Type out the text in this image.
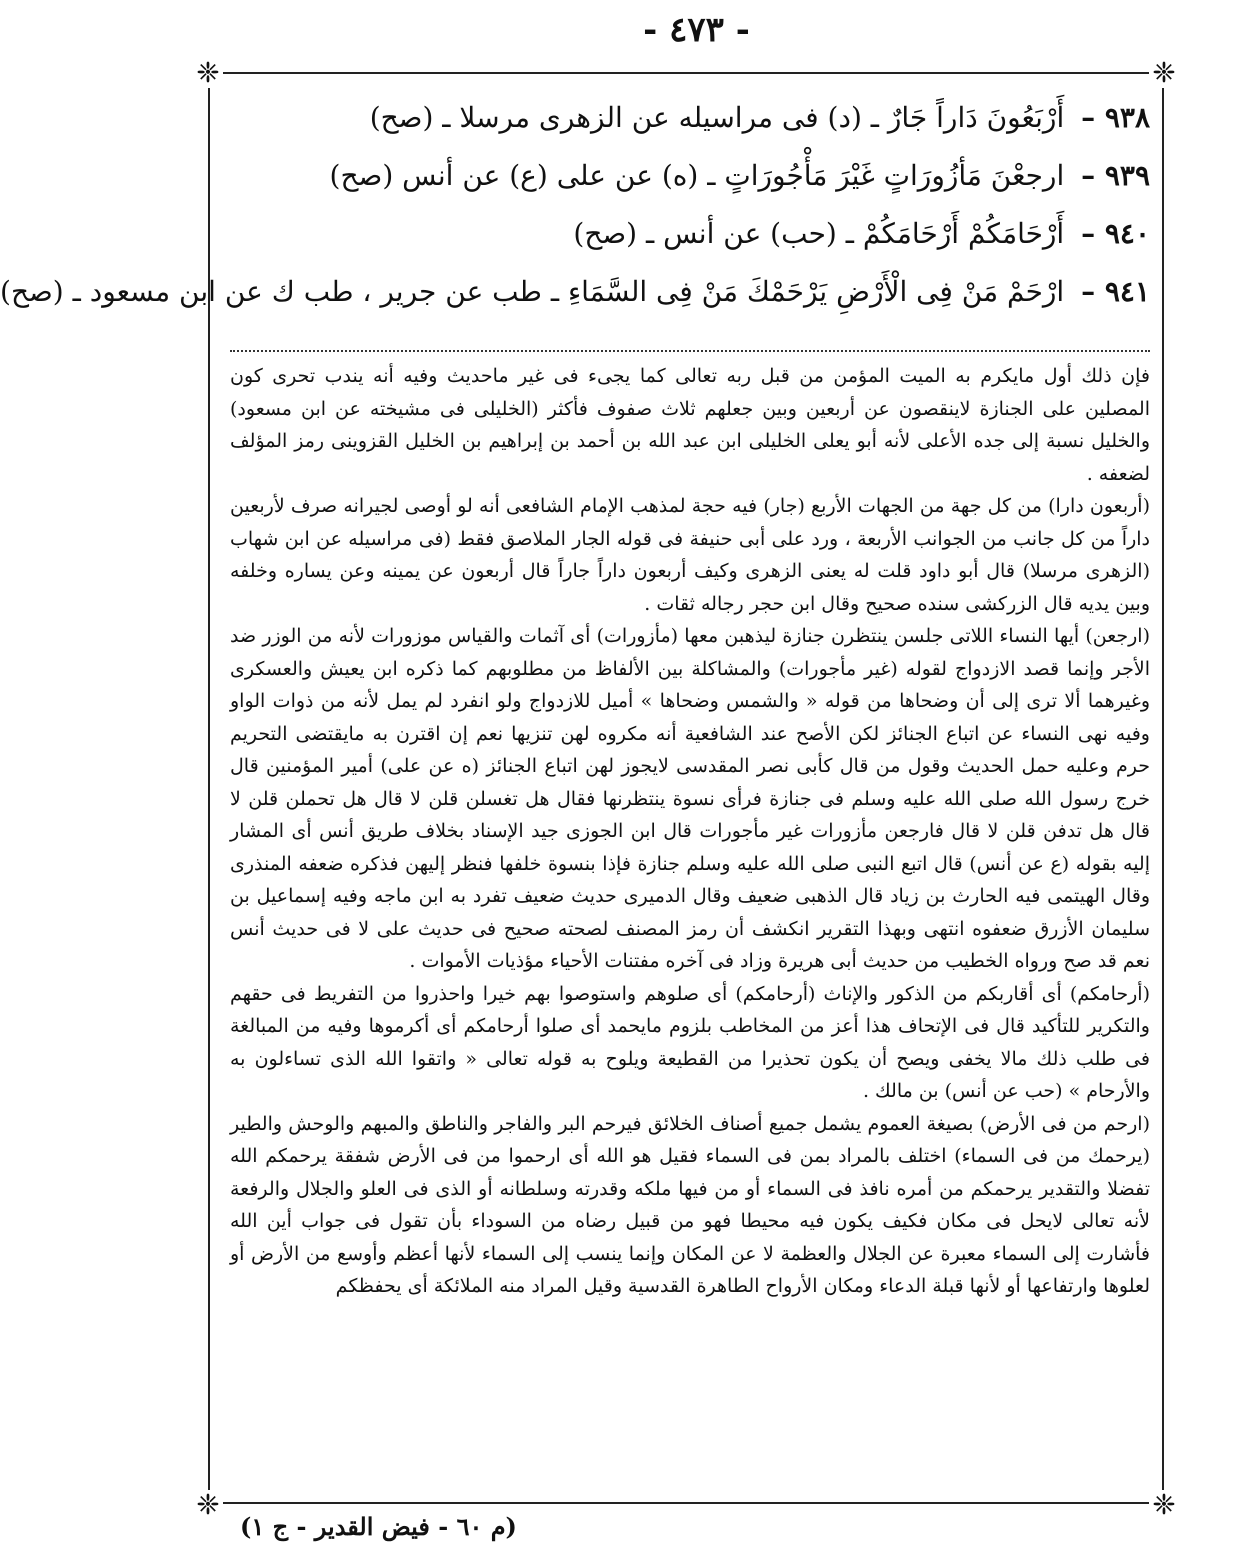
- ٤٧٣ -
❈	❈
❈	❈
٩٣٨ – أَرْبَعُونَ دَاراً جَارٌ ـ (د) فى مراسيله عن الزهرى مرسلا ـ (صح)
٩٣٩ – ارجعْنَ مَأزُورَاتٍ غَيْرَ مَأْجُورَاتٍ ـ (ه) عن على (ع) عن أنس (صح)
٩٤٠ – أَرْحَامَكُمْ أَرْحَامَكُمْ ـ (حب) عن أنس ـ (صح)
٩٤١ – ارْحَمْ مَنْ فِى الْأَرْضِ يَرْحَمْكَ مَنْ فِى السَّمَاءِ ـ طب عن جرير ، طب ك عن ابن مسعود ـ (صح)

فإن ذلك أول مايكرم به الميت المؤمن من قبل ربه تعالى كما يجىء فى غير ماحديث وفيه أنه يندب تحرى كون المصلين على الجنازة لاينقصون عن أربعين وبين جعلهم ثلاث صفوف فأكثر (الخليلى فى مشيخته عن ابن مسعود) والخليل نسبة إلى جده الأعلى لأنه أبو يعلى الخليلى ابن عبد الله بن أحمد بن إبراهيم بن الخليل القزوينى رمز المؤلف لضعفه .

(أربعون دارا) من كل جهة من الجهات الأربع (جار) فيه حجة لمذهب الإمام الشافعى أنه لو أوصى لجيرانه صرف لأربعين داراً من كل جانب من الجوانب الأربعة ، ورد على أبى حنيفة فى قوله الجار الملاصق فقط (فى مراسيله عن ابن شهاب (الزهرى مرسلا) قال أبو داود قلت له يعنى الزهرى وكيف أربعون داراً جاراً قال أربعون عن يمينه وعن يساره وخلفه وبين يديه قال الزركشى سنده صحيح وقال ابن حجر رجاله ثقات .

(ارجعن) أيها النساء اللاتى جلسن ينتظرن جنازة ليذهبن معها (مأزورات) أى آثمات والقياس موزورات لأنه من الوزر ضد الأجر وإنما قصد الازدواج لقوله (غير مأجورات) والمشاكلة بين الألفاظ من مطلوبهم كما ذكره ابن يعيش والعسكرى وغيرهما ألا ترى إلى أن وضحاها من قوله « والشمس وضحاها » أميل للازدواج ولو انفرد لم يمل لأنه من ذوات الواو وفيه نهى النساء عن اتباع الجنائز لكن الأصح عند الشافعية أنه مكروه لهن تنزيها نعم إن اقترن به مايقتضى التحريم حرم وعليه حمل الحديث وقول من قال كأبى نصر المقدسى لايجوز لهن اتباع الجنائز (ه عن على) أمير المؤمنين قال خرج رسول الله صلى الله عليه وسلم فى جنازة فرأى نسوة ينتظرنها فقال هل تغسلن قلن لا قال هل تحملن قلن لا قال هل تدفن قلن لا قال فارجعن مأزورات غير مأجورات قال ابن الجوزى جيد الإسناد بخلاف طريق أنس أى المشار إليه بقوله (ع عن أنس) قال اتبع النبى صلى الله عليه وسلم جنازة فإذا بنسوة خلفها فنظر إليهن فذكره ضعفه المنذرى وقال الهيتمى فيه الحارث بن زياد قال الذهبى ضعيف وقال الدميرى حديث ضعيف تفرد به ابن ماجه وفيه إسماعيل بن سليمان الأزرق ضعفوه انتهى وبهذا التقرير انكشف أن رمز المصنف لصحته صحيح فى حديث على لا فى حديث أنس نعم قد صح ورواه الخطيب من حديث أبى هريرة وزاد فى آخره مفتنات الأحياء مؤذيات الأموات .

(أرحامكم) أى أقاربكم من الذكور والإناث (أرحامكم) أى صلوهم واستوصوا بهم خيرا واحذروا من التفريط فى حقهم والتكرير للتأكيد قال فى الإتحاف هذا أعز من المخاطب بلزوم مايحمد أى صلوا أرحامكم أى أكرموها وفيه من المبالغة فى طلب ذلك مالا يخفى ويصح أن يكون تحذيرا من القطيعة ويلوح به قوله تعالى « واتقوا الله الذى تساءلون به والأرحام » (حب عن أنس) بن مالك .

(ارحم من فى الأرض) بصيغة العموم يشمل جميع أصناف الخلائق فيرحم البر والفاجر والناطق والمبهم والوحش والطير (يرحمك من فى السماء) اختلف بالمراد بمن فى السماء فقيل هو الله أى ارحموا من فى الأرض شفقة يرحمكم الله تفضلا والتقدير يرحمكم من أمره نافذ فى السماء أو من فيها ملكه وقدرته وسلطانه أو الذى فى العلو والجلال والرفعة لأنه تعالى لايحل فى مكان فكيف يكون فيه محيطا فهو من قبيل رضاه من السوداء بأن تقول فى جواب أين الله فأشارت إلى السماء معبرة عن الجلال والعظمة لا عن المكان وإنما ينسب إلى السماء لأنها أعظم وأوسع من الأرض أو لعلوها وارتفاعها أو لأنها قبلة الدعاء ومكان الأرواح الطاهرة القدسية وقيل المراد منه الملائكة أى يحفظكم

(م ٦٠ - فيض القدير - ج ١)
